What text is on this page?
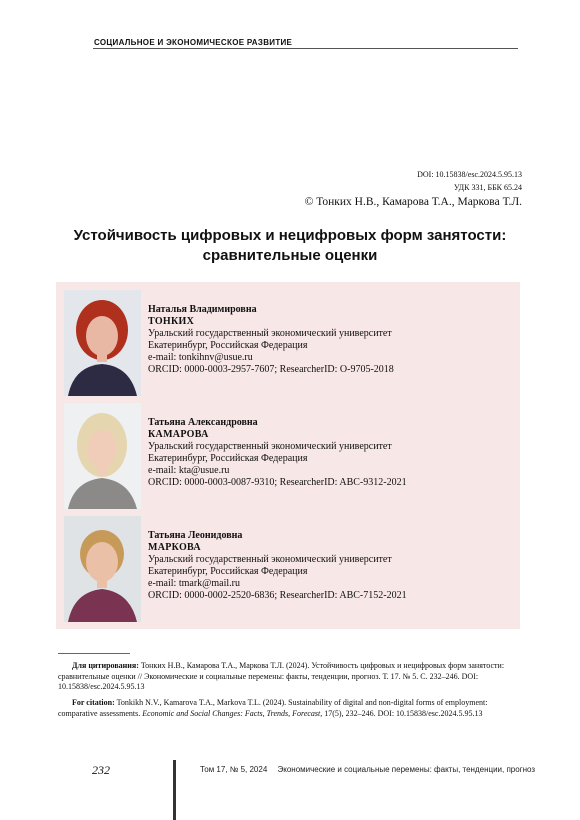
СОЦИАЛЬНОЕ И ЭКОНОМИЧЕСКОЕ РАЗВИТИЕ
DOI: 10.15838/esc.2024.5.95.13
УДК 331, ББК 65.24
© Тонких Н.В., Камарова Т.А., Маркова Т.Л.
Устойчивость цифровых и нецифровых форм занятости:
сравнительные оценки
Наталья Владимировна
ТОНКИХ
Уральский государственный экономический университет
Екатеринбург, Российская Федерация
e-mail: tonkihnv@usue.ru
ORCID: 0000-0003-2957-7607; ResearcherID: O-9705-2018
Татьяна Александровна
КАМАРОВА
Уральский государственный экономический университет
Екатеринбург, Российская Федерация
e-mail: kta@usue.ru
ORCID: 0000-0003-0087-9310; ResearcherID: ABC-9312-2021
Татьяна Леонидовна
МАРКОВА
Уральский государственный экономический университет
Екатеринбург, Российская Федерация
e-mail: tmark@mail.ru
ORCID: 0000-0002-2520-6836; ResearcherID: ABC-7152-2021
Для цитирования: Тонких Н.В., Камарова Т.А., Маркова Т.Л. (2024). Устойчивость цифровых и нецифровых форм занятости: сравнительные оценки // Экономические и социальные перемены: факты, тенденции, прогноз. Т. 17. № 5. С. 232–246. DOI: 10.15838/esc.2024.5.95.13
For citation: Tonkikh N.V., Kamarova T.A., Markova T.L. (2024). Sustainability of digital and non-digital forms of employment: comparative assessments. Economic and Social Changes: Facts, Trends, Forecast, 17(5), 232–246. DOI: 10.15838/esc.2024.5.95.13
232	Том 17, № 5, 2024 Экономические и социальные перемены: факты, тенденции, прогноз
